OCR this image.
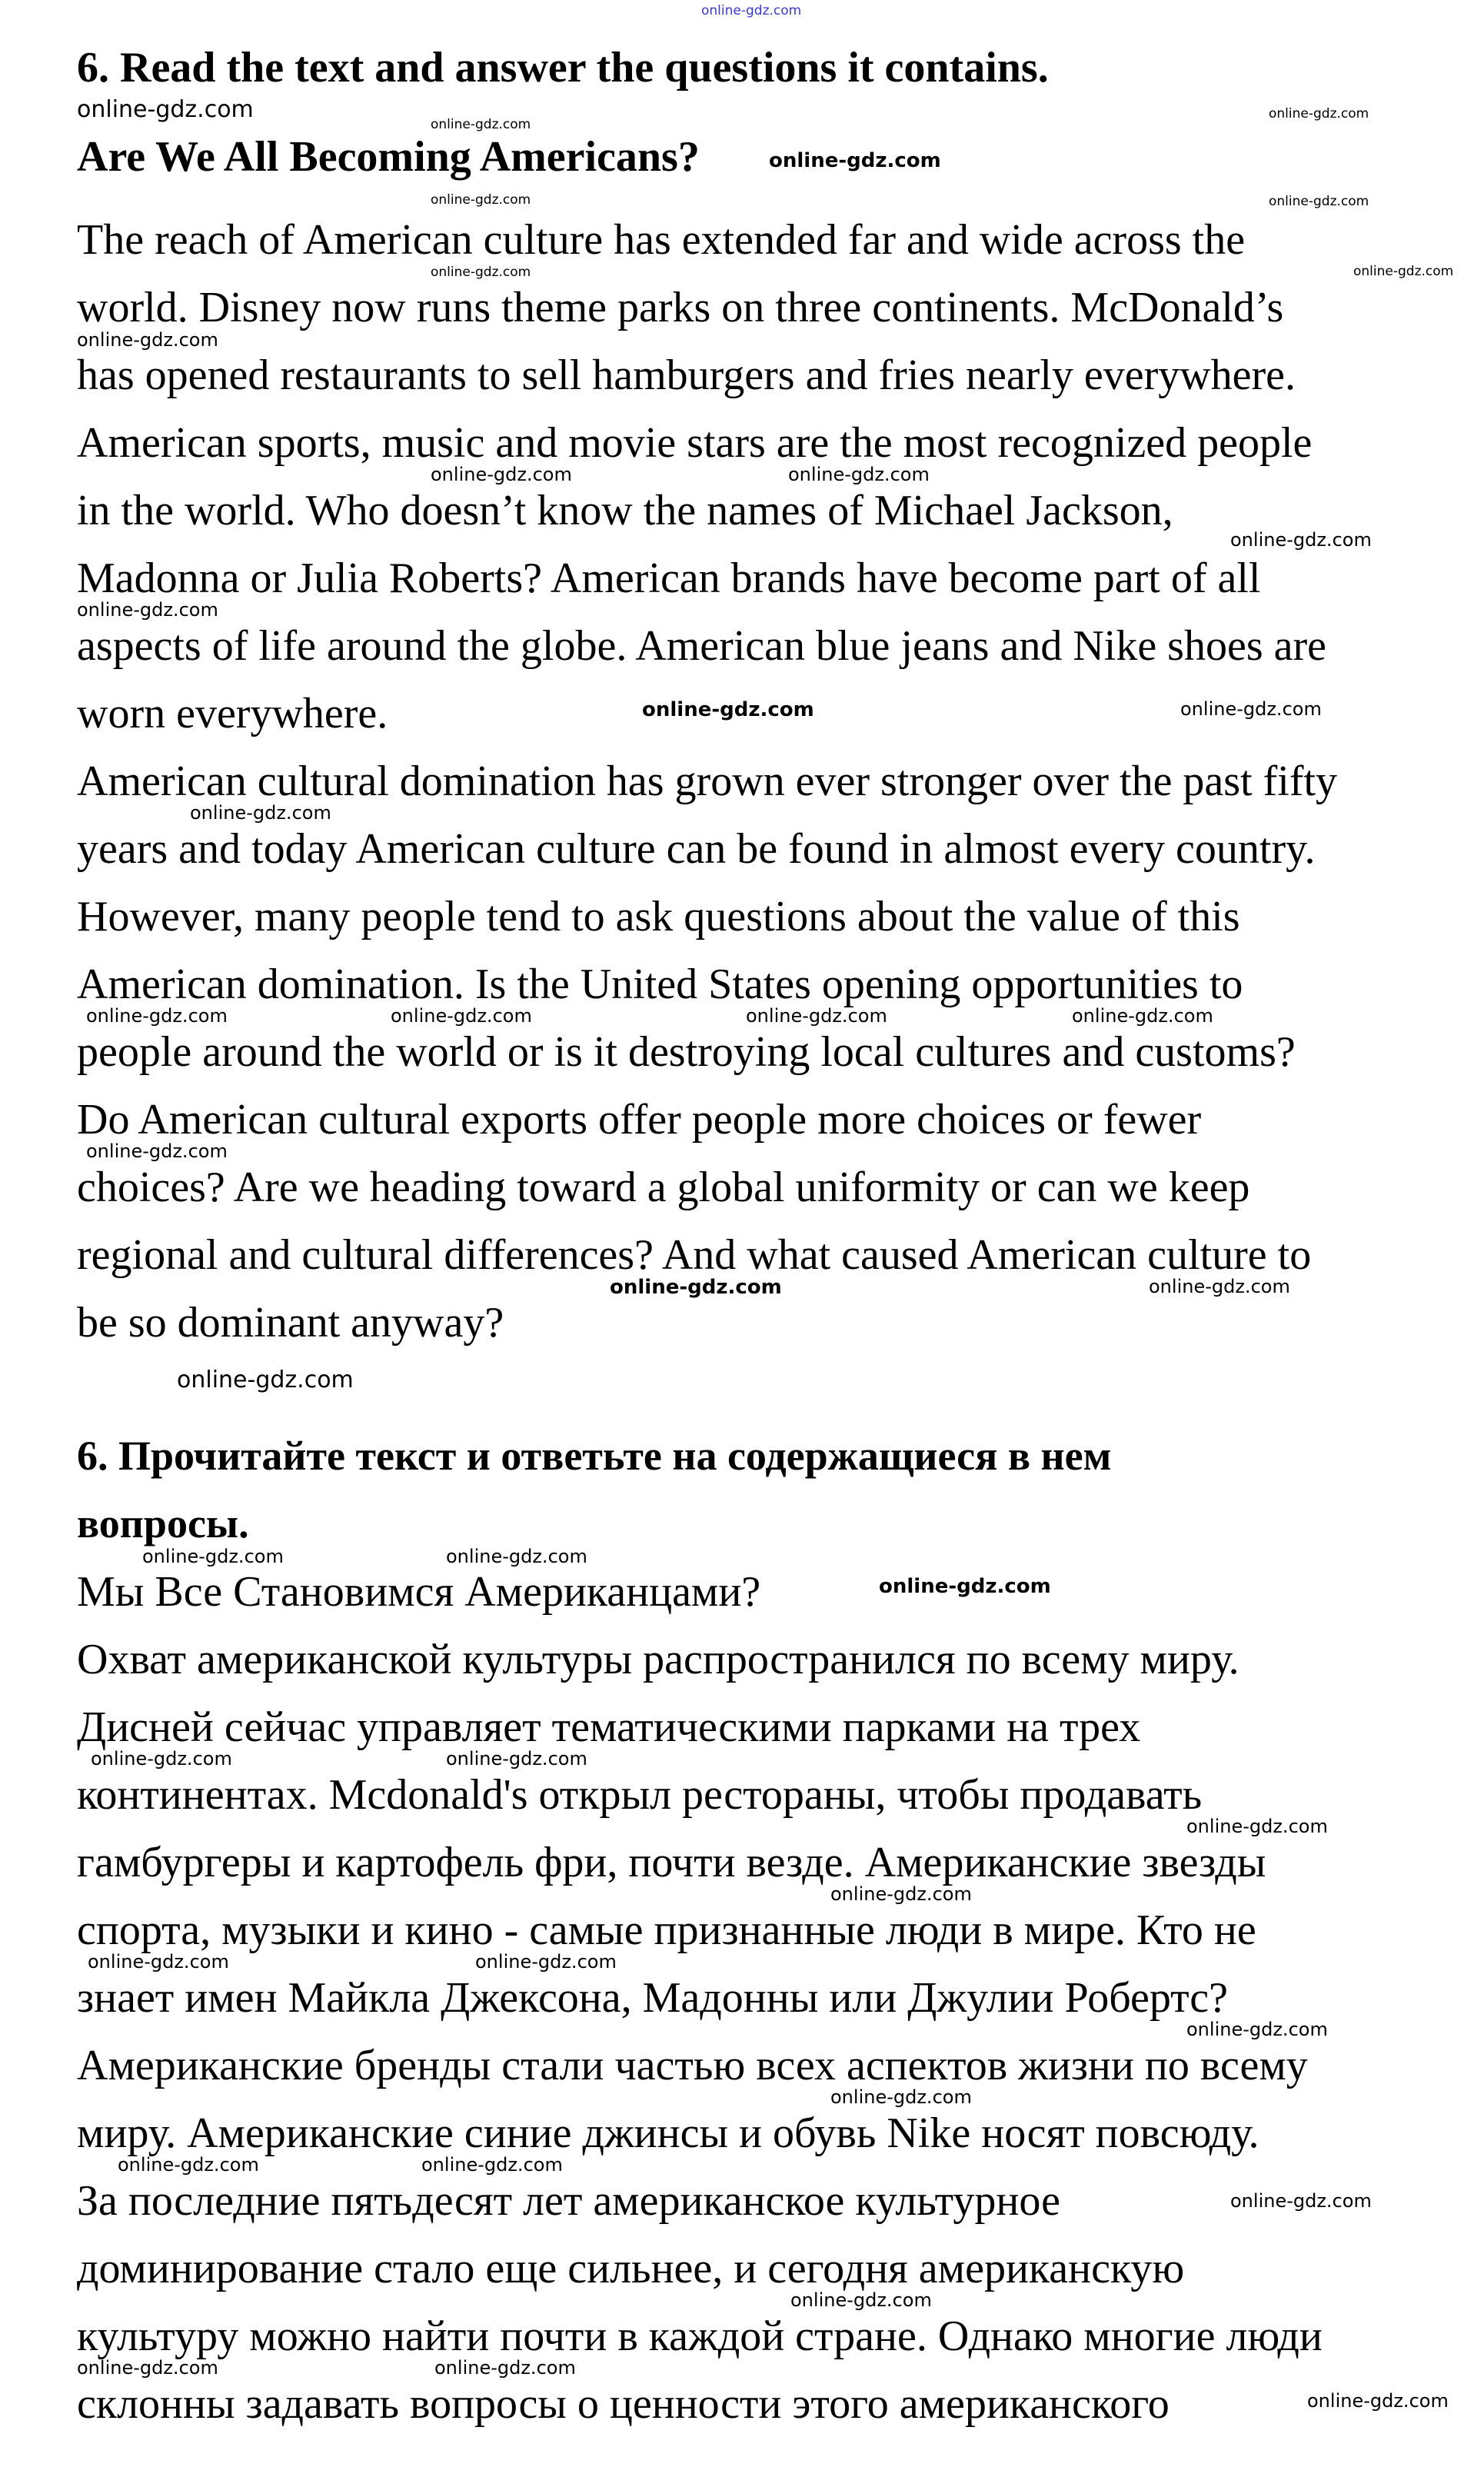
online-gdz.com
6. Read the text and answer the questions it contains.
Are We All Becoming Americans?
The reach of American culture has extended far and wide across the
world. Disney now runs theme parks on three continents. McDonald’s
has opened restaurants to sell hamburgers and fries nearly everywhere.
American sports, music and movie stars are the most recognized people
in the world. Who doesn’t know the names of Michael Jackson,
Madonna or Julia Roberts? American brands have become part of all
aspects of life around the globe. American blue jeans and Nike shoes are
worn everywhere.
American cultural domination has grown ever stronger over the past fifty
years and today American culture can be found in almost every country.
However, many people tend to ask questions about the value of this
American domination. Is the United States opening opportunities to
people around the world or is it destroying local cultures and customs?
Do American cultural exports offer people more choices or fewer
choices? Are we heading toward a global uniformity or can we keep
regional and cultural differences? And what caused American culture to
be so dominant anyway?
6. Прочитайте текст и ответьте на содержащиеся в нем
вопросы.
Мы Все Становимся Американцами?
Охват американской культуры распространился по всему миру.
Дисней сейчас управляет тематическими парками на трех
континентах. Mcdonald's открыл рестораны, чтобы продавать
гамбургеры и картофель фри, почти везде. Американские звезды
спорта, музыки и кино - самые признанные люди в мире. Кто не
знает имен Майкла Джексона, Мадонны или Джулии Робертс?
Американские бренды стали частью всех аспектов жизни по всему
миру. Американские синие джинсы и обувь Nike носят повсюду.
За последние пятьдесят лет американское культурное
доминирование стало еще сильнее, и сегодня американскую
культуру можно найти почти в каждой стране. Однако многие люди
склонны задавать вопросы о ценности этого американского
online-gdz.com	online-gdz.com
online-gdz.com
online-gdz.com
online-gdz.com
online-gdz.com
online-gdz.com
online-gdz.com
online-gdz.com
online-gdz.com	online-gdz.com
online-gdz.com
online-gdz.com
online-gdz.com
online-gdz.com
online-gdz.com
online-gdz.com	online-gdz.com	online-gdz.com	online-gdz.com
online-gdz.com
online-gdz.com	online-gdz.com
online-gdz.com
online-gdz.com	online-gdz.com
online-gdz.com
online-gdz.com
online-gdz.com
online-gdz.com
online-gdz.com
online-gdz.com
online-gdz.com
online-gdz.com
online-gdz.com
online-gdz.com	online-gdz.com
online-gdz.com
online-gdz.com
online-gdz.com
online-gdz.com
online-gdz.com
